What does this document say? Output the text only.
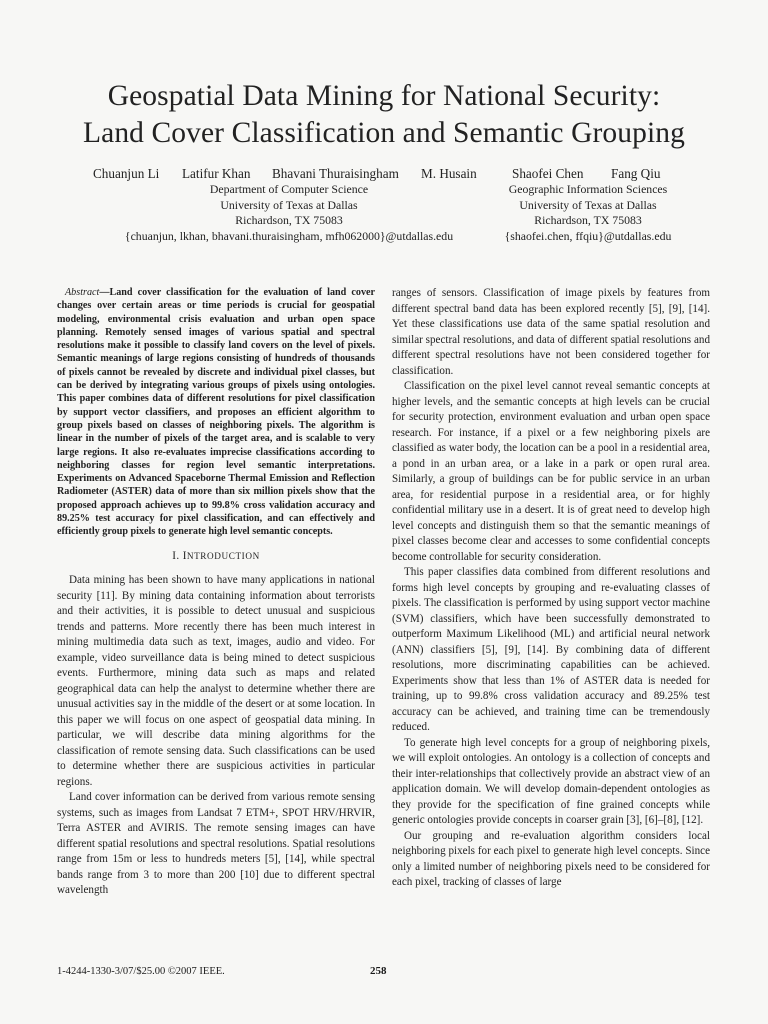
Geospatial Data Mining for National Security:
Land Cover Classification and Semantic Grouping
Chuanjun Li Latifur Khan Bhavani Thuraisingham M. Husain	Shaofei Chen Fang Qiu
Department of Computer Science
University of Texas at Dallas
Richardson, TX 75083
{chuanjun, lkhan, bhavani.thuraisingham, mfh062000}@utdallas.edu
Geographic Information Sciences
University of Texas at Dallas
Richardson, TX 75083
{shaofei.chen, ffqiu}@utdallas.edu

Abstract—Land cover classification for the evaluation of land cover changes over certain areas or time periods is crucial for geospatial modeling, environmental crisis evaluation and urban open space planning. Remotely sensed images of various spatial and spectral resolutions make it possible to classify land covers on the level of pixels. Semantic meanings of large regions consisting of hundreds of thousands of pixels cannot be revealed by discrete and individual pixel classes, but can be derived by integrating various groups of pixels using ontologies. This paper combines data of different resolutions for pixel classification by support vector classifiers, and proposes an efficient algorithm to group pixels based on classes of neighboring pixels. The algorithm is linear in the number of pixels of the target area, and is scalable to very large regions. It also re-evaluates imprecise classifications according to neighboring classes for region level semantic interpretations. Experiments on Advanced Spaceborne Thermal Emission and Reflection Radiometer (ASTER) data of more than six million pixels show that the proposed approach achieves up to 99.8% cross validation accuracy and 89.25% test accuracy for pixel classification, and can effectively and efficiently group pixels to generate high level semantic concepts.

I. INTRODUCTION

Data mining has been shown to have many applications in national security [11]. By mining data containing information about terrorists and their activities, it is possible to detect unusual and suspicious trends and patterns. More recently there has been much interest in mining multimedia data such as text, images, audio and video. For example, video surveillance data is being mined to detect suspicious events. Furthermore, mining data such as maps and related geographical data can help the analyst to determine whether there are unusual activities say in the middle of the desert or at some location. In this paper we will focus on one aspect of geospatial data mining. In particular, we will describe data mining algorithms for the classification of remote sensing data. Such classifications can be used to determine whether there are suspicious activities in particular regions.

Land cover information can be derived from various remote sensing systems, such as images from Landsat 7 ETM+, SPOT HRV/HRVIR, Terra ASTER and AVIRIS. The remote sensing images can have different spatial resolutions and spectral resolutions. Spatial resolutions range from 15m or less to hundreds meters [5], [14], while spectral bands range from 3 to more than 200 [10] due to different spectral wavelength

ranges of sensors. Classification of image pixels by features from different spectral band data has been explored recently [5], [9], [14]. Yet these classifications use data of the same spatial resolution and similar spectral resolutions, and data of different spatial resolutions and different spectral resolutions have not been considered together for classification.

Classification on the pixel level cannot reveal semantic concepts at higher levels, and the semantic concepts at high levels can be crucial for security protection, environment evaluation and urban open space research. For instance, if a pixel or a few neighboring pixels are classified as water body, the location can be a pool in a residential area, a pond in an urban area, or a lake in a park or open rural area. Similarly, a group of buildings can be for public service in an urban area, for residential purpose in a residential area, or for highly confidential military use in a desert. It is of great need to develop high level concepts and distinguish them so that the semantic meanings of pixel classes become clear and accesses to some confidential concepts become controllable for security consideration.

This paper classifies data combined from different resolutions and forms high level concepts by grouping and re-evaluating classes of pixels. The classification is performed by using support vector machine (SVM) classifiers, which have been successfully demonstrated to outperform Maximum Likelihood (ML) and artificial neural network (ANN) classifiers [5], [9], [14]. By combining data of different resolutions, more discriminating capabilities can be achieved. Experiments show that less than 1% of ASTER data is needed for training, up to 99.8% cross validation accuracy and 89.25% test accuracy can be achieved, and training time can be tremendously reduced.

To generate high level concepts for a group of neighboring pixels, we will exploit ontologies. An ontology is a collection of concepts and their inter-relationships that collectively provide an abstract view of an application domain. We will develop domain-dependent ontologies as they provide for the specification of fine grained concepts while generic ontologies provide concepts in coarser grain [3], [6]–[8], [12].

Our grouping and re-evaluation algorithm considers local neighboring pixels for each pixel to generate high level concepts. Since only a limited number of neighboring pixels need to be considered for each pixel, tracking of classes of large

1-4244-1330-3/07/$25.00 ©2007 IEEE.	258
